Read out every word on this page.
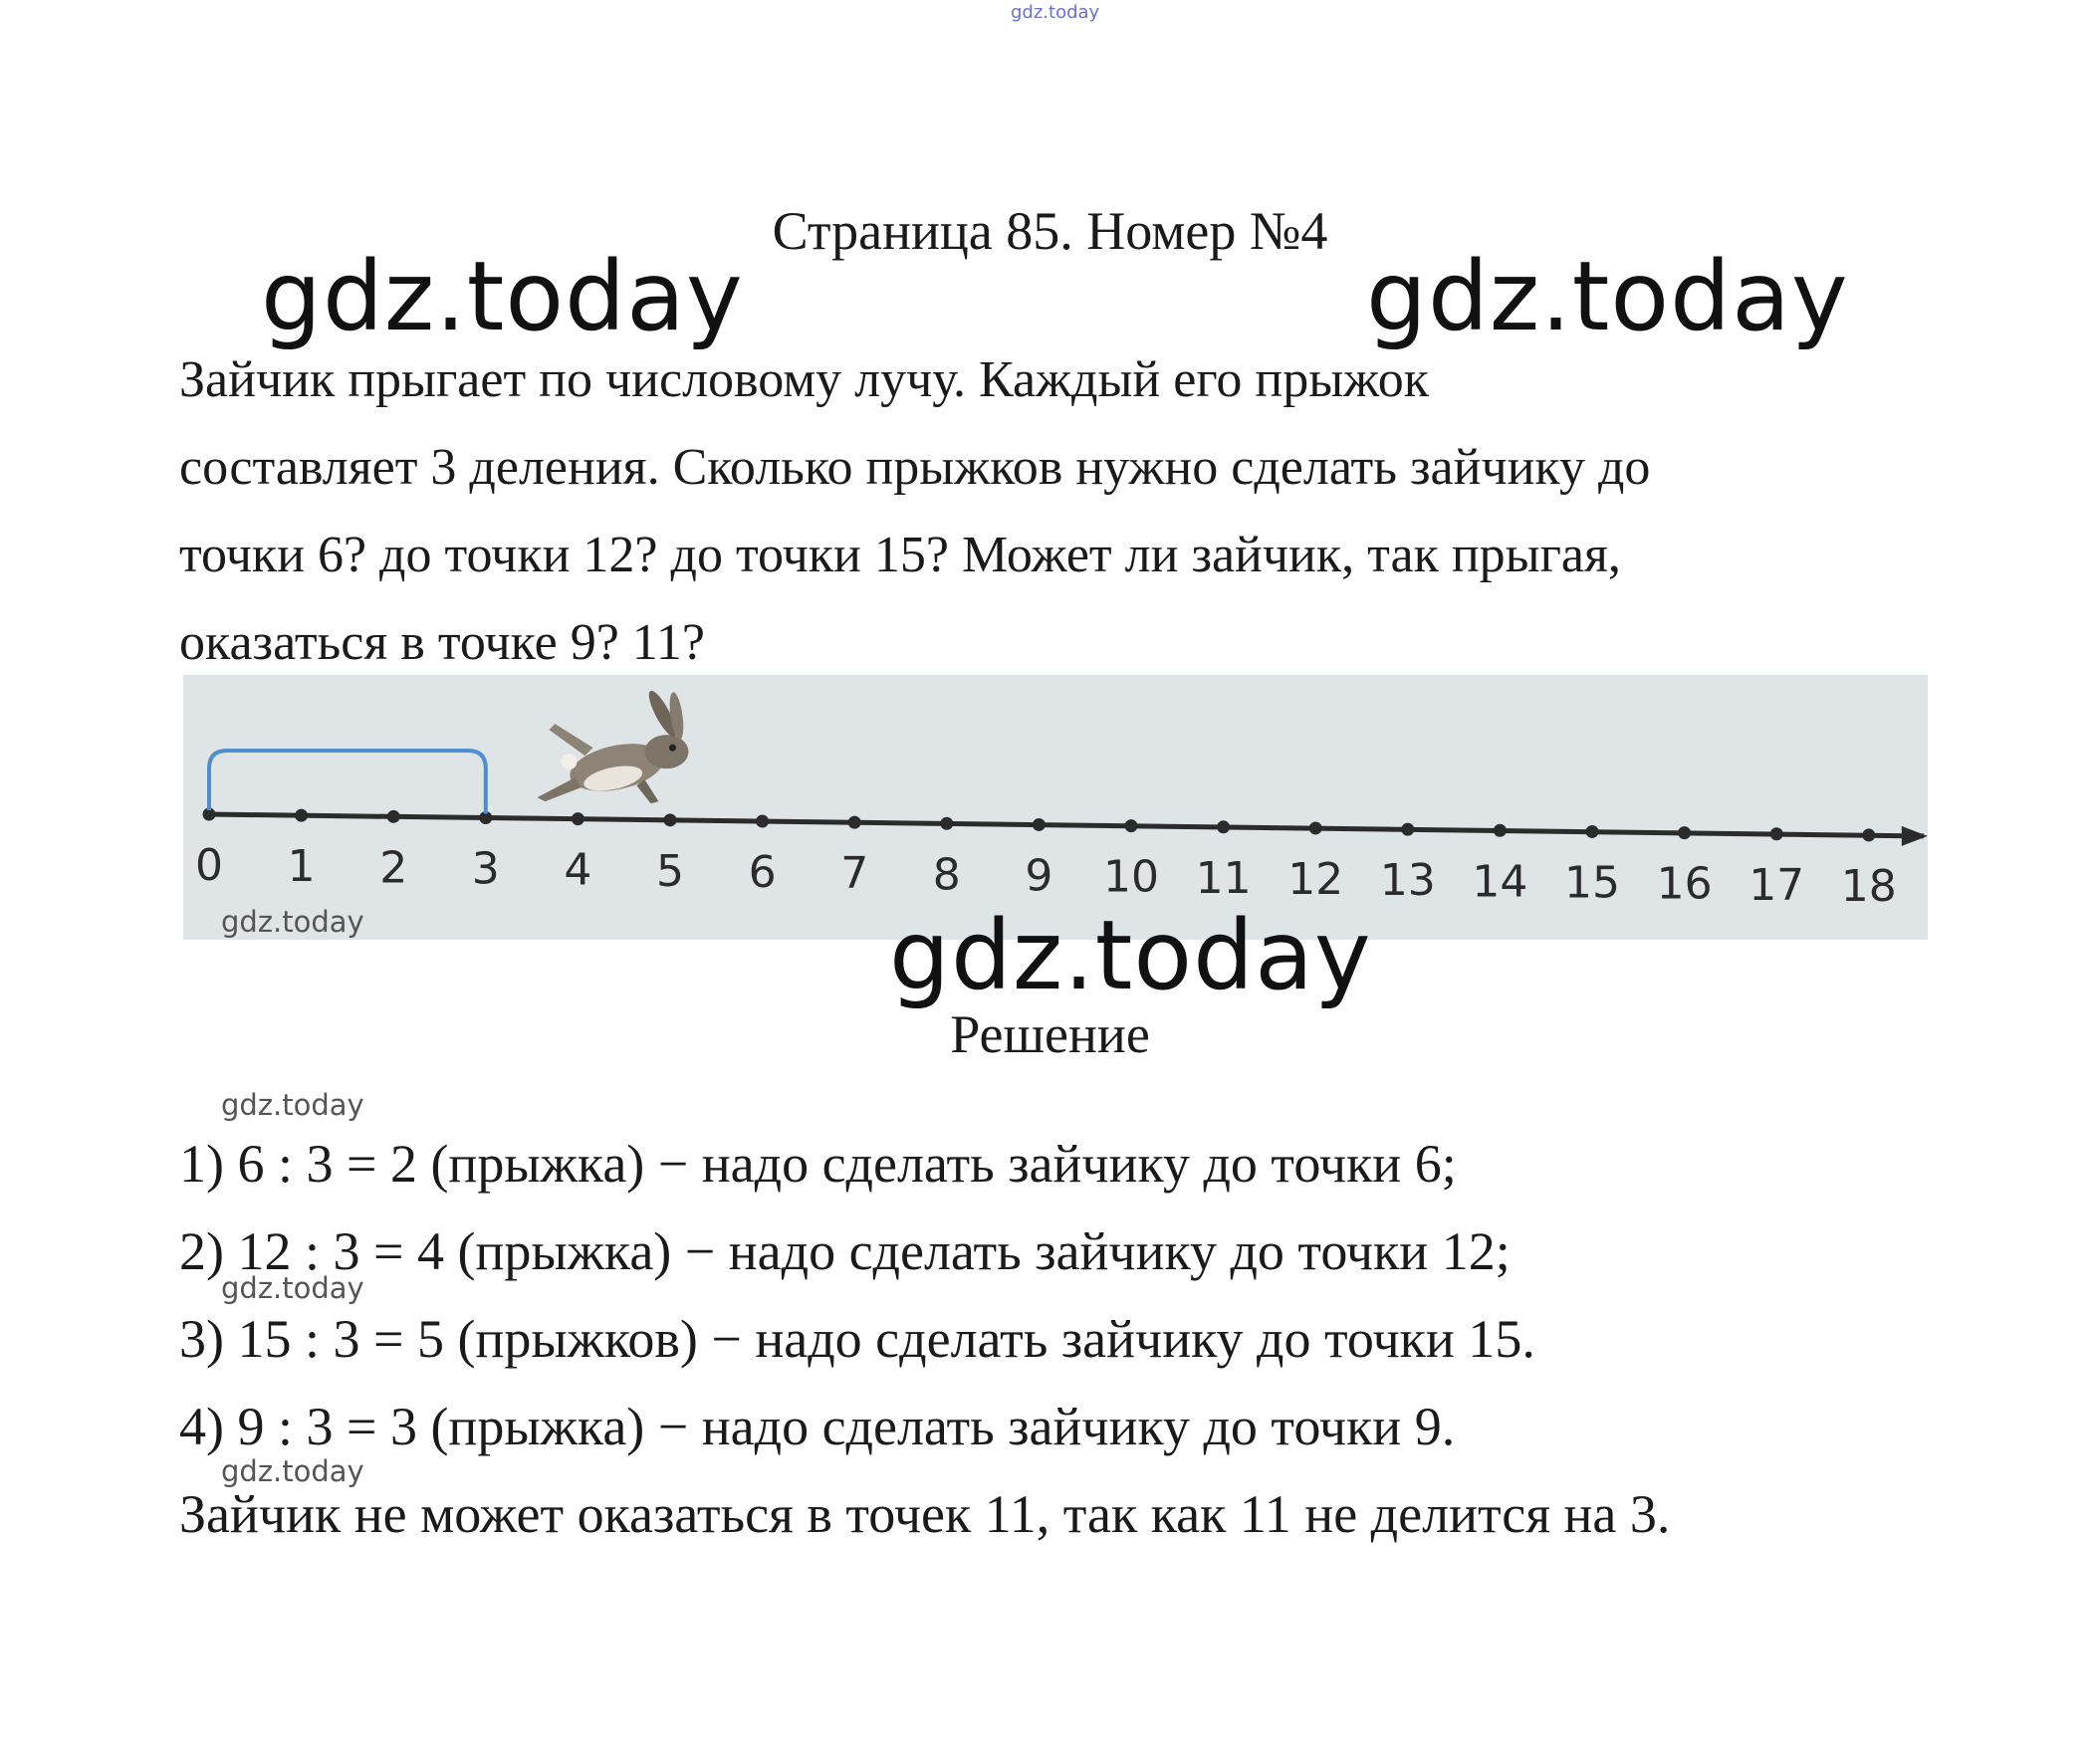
gdz.today
Страница 85. Номер №4
gdz.today	gdz.today
Зайчик прыгает по числовому лучу. Каждый его прыжок
составляет 3 деления. Сколько прыжков нужно сделать зайчику до
точки 6? до точки 12? до точки 15? Может ли зайчик, так прыгая,
оказаться в точке 9? 11?
0 1 2 3 4 5 6 7 8 9 10 11 12 13 14 15 16 17 18
gdz.today	gdz.today
Решение
gdz.today
gdz.today
gdz.today
1) 6 : 3 = 2 (прыжка) − надо сделать зайчику до точки 6;
2) 12 : 3 = 4 (прыжка) − надо сделать зайчику до точки 12;
3) 15 : 3 = 5 (прыжков) − надо сделать зайчику до точки 15.
4) 9 : 3 = 3 (прыжка) − надо сделать зайчику до точки 9.
Зайчик не может оказаться в точек 11, так как 11 не делится на 3.
